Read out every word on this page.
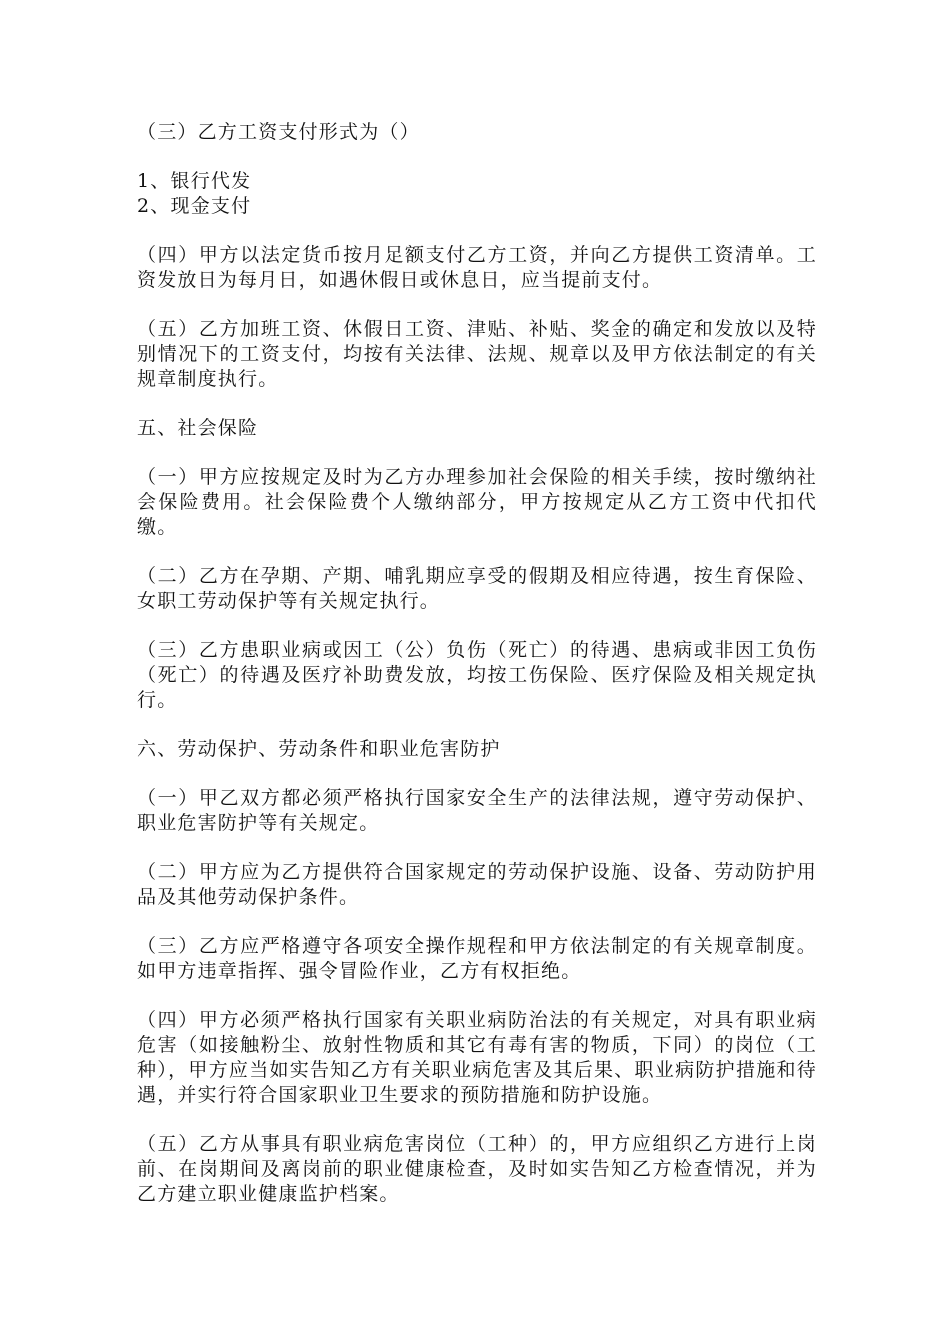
（三）乙方工资支付形式为（）

1、银行代发
2、现金支付

（四）甲方以法定货币按月足额支付乙方工资，并向乙方提供工资清单。工资发放日为每月日，如遇休假日或休息日，应当提前支付。

（五）乙方加班工资、休假日工资、津贴、补贴、奖金的确定和发放以及特别情况下的工资支付，均按有关法律、法规、规章以及甲方依法制定的有关规章制度执行。

五、社会保险

（一）甲方应按规定及时为乙方办理参加社会保险的相关手续，按时缴纳社会保险费用。社会保险费个人缴纳部分，甲方按规定从乙方工资中代扣代缴。

（二）乙方在孕期、产期、哺乳期应享受的假期及相应待遇，按生育保险、女职工劳动保护等有关规定执行。

（三）乙方患职业病或因工（公）负伤（死亡）的待遇、患病或非因工负伤（死亡）的待遇及医疗补助费发放，均按工伤保险、医疗保险及相关规定执行。

六、劳动保护、劳动条件和职业危害防护

（一）甲乙双方都必须严格执行国家安全生产的法律法规，遵守劳动保护、职业危害防护等有关规定。

（二）甲方应为乙方提供符合国家规定的劳动保护设施、设备、劳动防护用品及其他劳动保护条件。

（三）乙方应严格遵守各项安全操作规程和甲方依法制定的有关规章制度。如甲方违章指挥、强令冒险作业，乙方有权拒绝。

（四）甲方必须严格执行国家有关职业病防治法的有关规定，对具有职业病危害（如接触粉尘、放射性物质和其它有毒有害的物质，下同）的岗位（工种），甲方应当如实告知乙方有关职业病危害及其后果、职业病防护措施和待遇，并实行符合国家职业卫生要求的预防措施和防护设施。

（五）乙方从事具有职业病危害岗位（工种）的，甲方应组织乙方进行上岗前、在岗期间及离岗前的职业健康检查，及时如实告知乙方检查情况，并为乙方建立职业健康监护档案。
